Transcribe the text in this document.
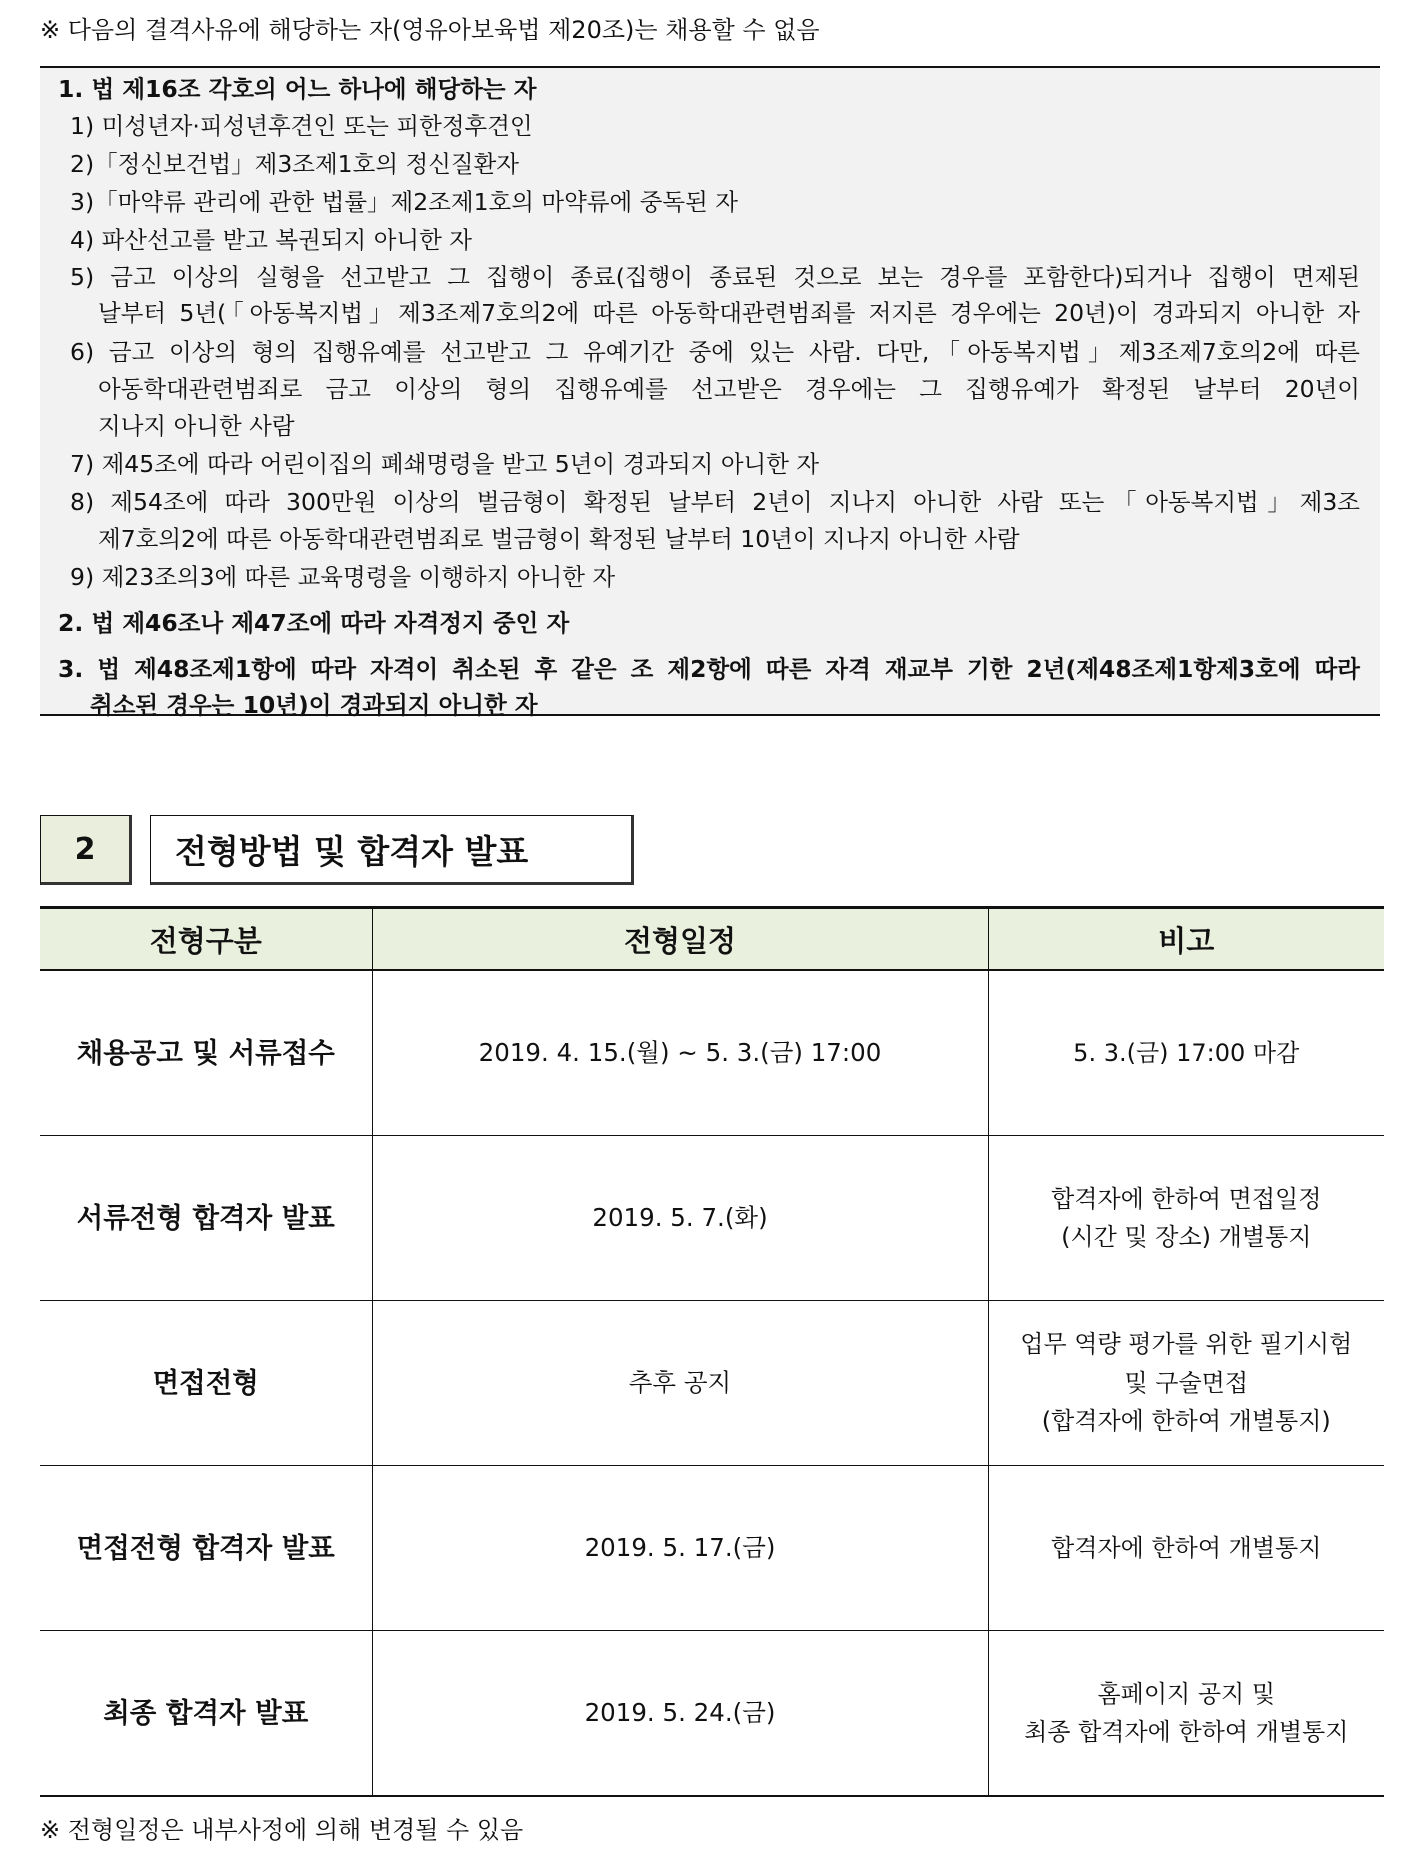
※ 다음의 결격사유에 해당하는 자(영유아보육법 제20조)는 채용할 수 없음
1. 법 제16조 각호의 어느 하나에 해당하는 자
1) 미성년자·피성년후견인 또는 피한정후견인
2)「정신보건법」제3조제1호의 정신질환자
3)「마약류 관리에 관한 법률」제2조제1호의 마약류에 중독된 자
4) 파산선고를 받고 복권되지 아니한 자
5) 금고 이상의 실형을 선고받고 그 집행이 종료(집행이 종료된 것으로 보는 경우를 포함한다)되거나 집행이 면제된
날부터 5년(「아동복지법」제3조제7호의2에 따른 아동학대관련범죄를 저지른 경우에는 20년)이 경과되지 아니한 자
6) 금고 이상의 형의 집행유예를 선고받고 그 유예기간 중에 있는 사람. 다만,「아동복지법」제3조제7호의2에 따른
아동학대관련범죄로 금고 이상의 형의 집행유예를 선고받은 경우에는 그 집행유예가 확정된 날부터 20년이
지나지 아니한 사람
7) 제45조에 따라 어린이집의 폐쇄명령을 받고 5년이 경과되지 아니한 자
8) 제54조에 따라 300만원 이상의 벌금형이 확정된 날부터 2년이 지나지 아니한 사람 또는「아동복지법」제3조
제7호의2에 따른 아동학대관련범죄로 벌금형이 확정된 날부터 10년이 지나지 아니한 사람
9) 제23조의3에 따른 교육명령을 이행하지 아니한 자
2. 법 제46조나 제47조에 따라 자격정지 중인 자
3. 법 제48조제1항에 따라 자격이 취소된 후 같은 조 제2항에 따른 자격 재교부 기한 2년(제48조제1항제3호에 따라
취소된 경우는 10년)이 경과되지 아니한 자
2	전형방법 및 합격자 발표
전형구분	전형일정	비고
채용공고 및 서류접수	2019. 4. 15.(월) ~ 5. 3.(금) 17:00	5. 3.(금) 17:00 마감

서류전형 합격자 발표	2019. 5. 7.(화)	합격자에 한하여 면접일정
(시간 및 장소) 개별통지

면접전형	추후 공지	업무 역량 평가를 위한 필기시험
및 구술면접
(합격자에 한하여 개별통지)

면접전형 합격자 발표	2019. 5. 17.(금)	합격자에 한하여 개별통지

최종 합격자 발표	2019. 5. 24.(금)	홈페이지 공지 및
최종 합격자에 한하여 개별통지
※ 전형일정은 내부사정에 의해 변경될 수 있음
